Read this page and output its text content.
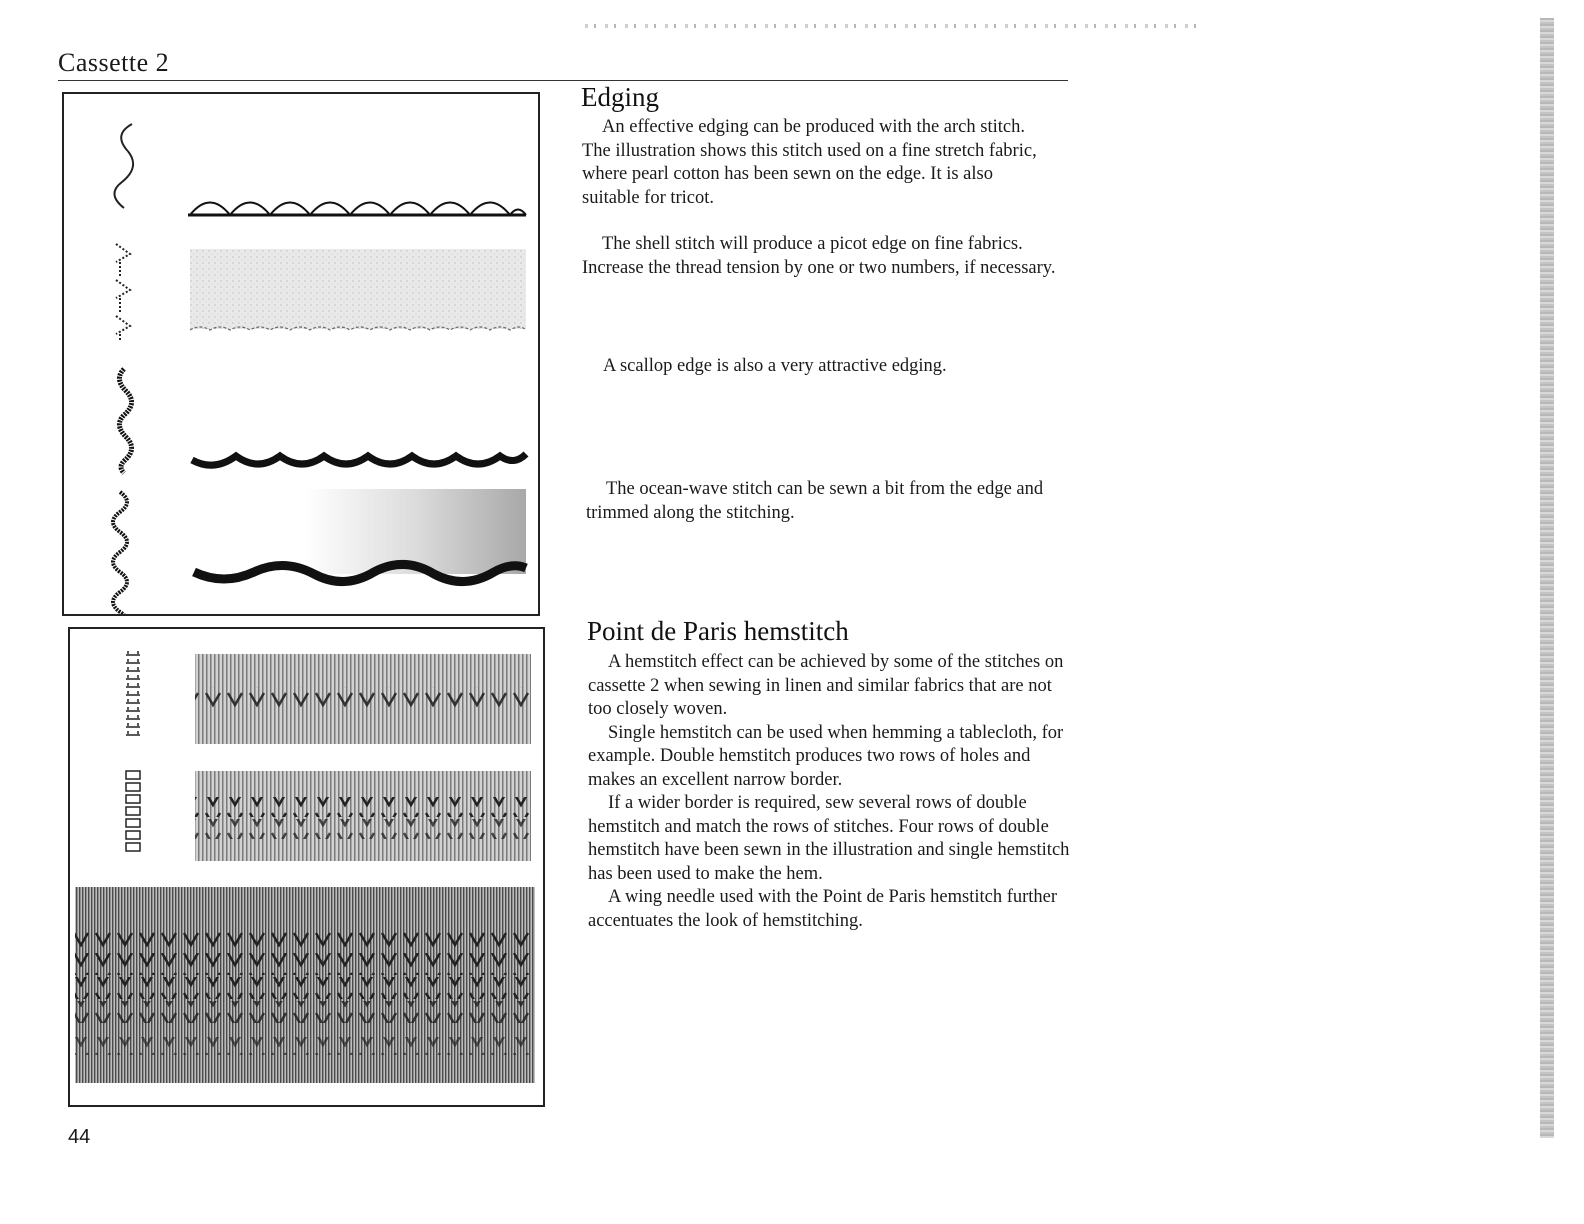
Cassette 2
Edging
An effective edging can be produced with the arch stitch. The illustration shows this stitch used on a fine stretch fabric, where pearl cotton has been sewn on the edge. It is also suitable for tricot.
The shell stitch will produce a picot edge on fine fabrics. Increase the thread tension by one or two numbers, if necessary.
A scallop edge is also a very attractive edging.
The ocean-wave stitch can be sewn a bit from the edge and trimmed along the stitching.
Point de Paris hemstitch
A hemstitch effect can be achieved by some of the stitches on cassette 2 when sewing in linen and similar fabrics that are not too closely woven.
Single hemstitch can be used when hemming a tablecloth, for example. Double hemstitch produces two rows of holes and makes an excellent narrow border.
If a wider border is required, sew several rows of double hemstitch and match the rows of stitches. Four rows of double hemstitch have been sewn in the illustration and single hemstitch has been used to make the hem.
A wing needle used with the Point de Paris hemstitch further accentuates the look of hemstitching.
44
